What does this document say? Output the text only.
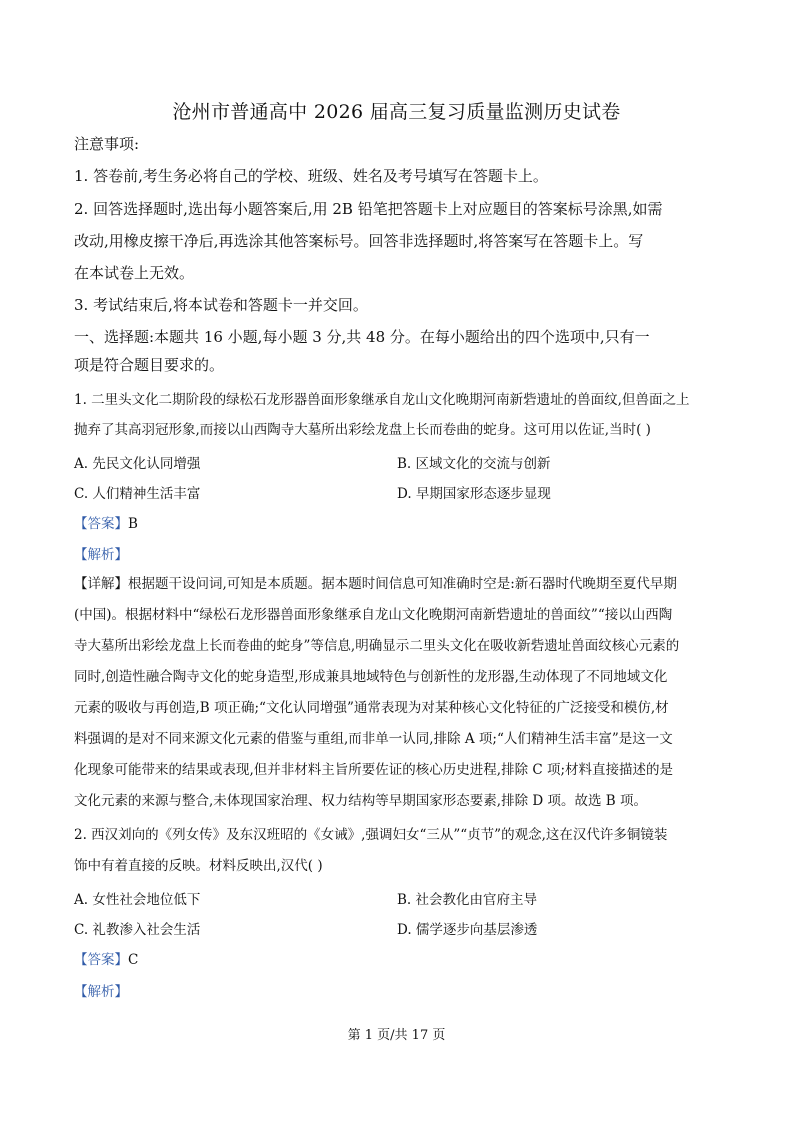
沧州市普通高中 2026 届高三复习质量监测历史试卷
注意事项:
1. 答卷前,考生务必将自己的学校、班级、姓名及考号填写在答题卡上。
2. 回答选择题时,选出每小题答案后,用 2B 铅笔把答题卡上对应题目的答案标号涂黑,如需
改动,用橡皮擦干净后,再选涂其他答案标号。回答非选择题时,将答案写在答题卡上。写
在本试卷上无效。
3. 考试结束后,将本试卷和答题卡一并交回。
一、选择题:本题共 16 小题,每小题 3 分,共 48 分。在每小题给出的四个选项中,只有一
项是符合题目要求的。
1. 二里头文化二期阶段的绿松石龙形器兽面形象继承自龙山文化晚期河南新砦遗址的兽面纹,但兽面之上
抛弃了其高羽冠形象,而接以山西陶寺大墓所出彩绘龙盘上长而卷曲的蛇身。这可用以佐证,当时( )
A. 先民文化认同增强	B. 区域文化的交流与创新
C. 人们精神生活丰富	D. 早期国家形态逐步显现
【答案】B
【解析】
【详解】根据题干设问词,可知是本质题。据本题时间信息可知准确时空是:新石器时代晚期至夏代早期
(中国)。根据材料中“绿松石龙形器兽面形象继承自龙山文化晚期河南新砦遗址的兽面纹”“接以山西陶
寺大墓所出彩绘龙盘上长而卷曲的蛇身”等信息,明确显示二里头文化在吸收新砦遗址兽面纹核心元素的
同时,创造性融合陶寺文化的蛇身造型,形成兼具地域特色与创新性的龙形器,生动体现了不同地域文化
元素的吸收与再创造,B 项正确;“文化认同增强”通常表现为对某种核心文化特征的广泛接受和模仿,材
料强调的是对不同来源文化元素的借鉴与重组,而非单一认同,排除 A 项;“人们精神生活丰富”是这一文
化现象可能带来的结果或表现,但并非材料主旨所要佐证的核心历史进程,排除 C 项;材料直接描述的是
文化元素的来源与整合,未体现国家治理、权力结构等早期国家形态要素,排除 D 项。故选 B 项。
2. 西汉刘向的《列女传》及东汉班昭的《女诫》,强调妇女“三从”“贞节”的观念,这在汉代许多铜镜装
饰中有着直接的反映。材料反映出,汉代( )
A. 女性社会地位低下	B. 社会教化由官府主导
C. 礼教渗入社会生活	D. 儒学逐步向基层渗透
【答案】C
【解析】
第 1 页/共 17 页
